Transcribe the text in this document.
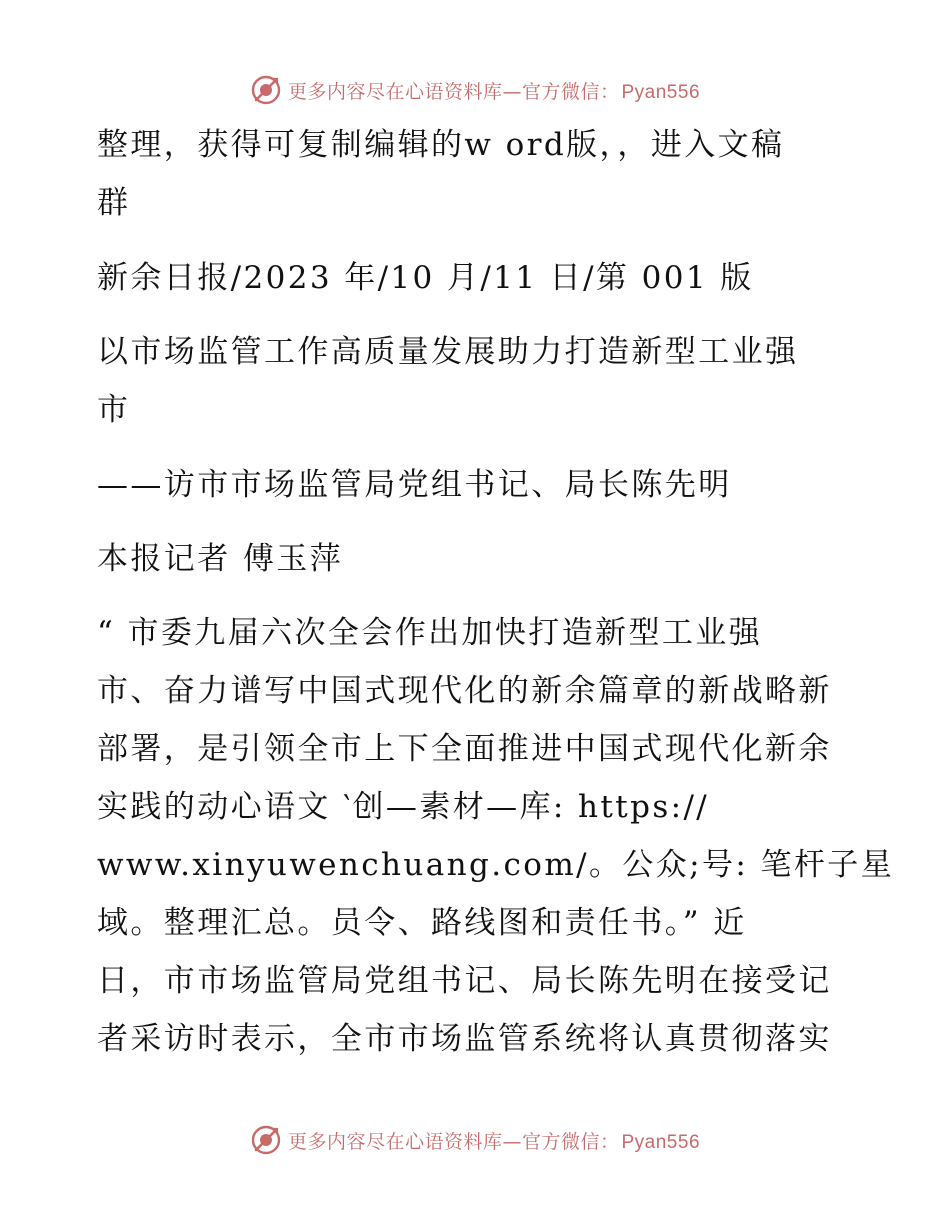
更多内容尽在心语资料库—官方微信： Pyan556
整理，获得可复制编辑的w ord版，，进入文稿
群
新余日报/2023 年/10 月/11 日/第 001 版
以市场监管工作高质量发展助力打造新型工业强
市
——访市市场监管局党组书记、局长陈先明
本报记者 傅玉萍
“ 市委九届六次全会作出加快打造新型工业强
市、奋力谱写中国式现代化的新余篇章的新战略新
部署，是引领全市上下全面推进中国式现代化新余
实践的动心语文 ‵创—素材—库: https://
www.xinyuwenchuang.com/。公众;号: 笔杆子星
域。整理汇总。员令、路线图和责任书。” 近
日，市市场监管局党组书记、局长陈先明在接受记
者采访时表示，全市市场监管系统将认真贯彻落实
更多内容尽在心语资料库—官方微信： Pyan556
